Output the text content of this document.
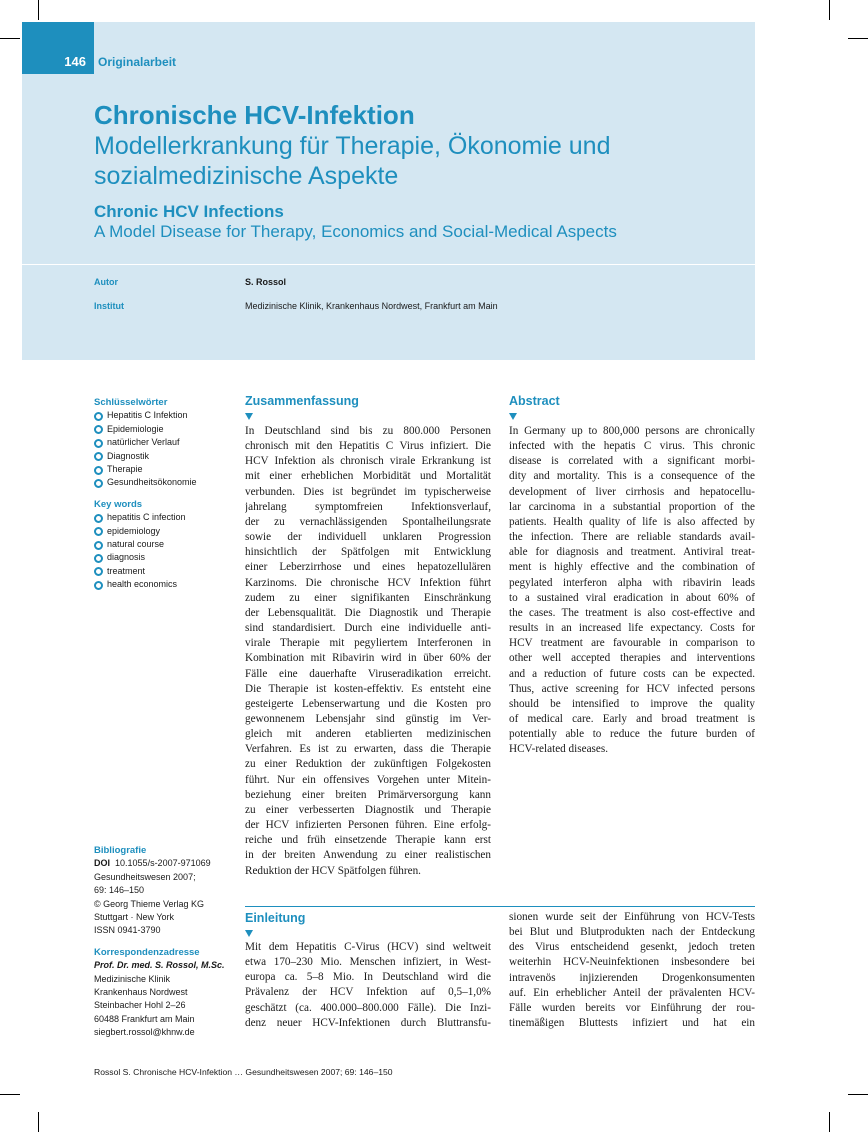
146 Originalarbeit
Chronische HCV-Infektion
Modellerkrankung für Therapie, Ökonomie und sozialmedizinische Aspekte
Chronic HCV Infections
A Model Disease for Therapy, Economics and Social-Medical Aspects
Autor	S. Rossol
Institut	Medizinische Klinik, Krankenhaus Nordwest, Frankfurt am Main
Schlüsselwörter
Hepatitis C Infektion
Epidemiologie
natürlicher Verlauf
Diagnostik
Therapie
Gesundheitsökonomie
Key words
hepatitis C infection
epidemiology
natural course
diagnosis
treatment
health economics
Bibliografie
DOI 10.1055/s-2007-971069
Gesundheitswesen 2007;
69: 146–150
© Georg Thieme Verlag KG
Stuttgart · New York
ISSN 0941-3790
Korrespondenzadresse
Prof. Dr. med. S. Rossol, M.Sc.
Medizinische Klinik
Krankenhaus Nordwest
Steinbacher Hohl 2–26
60488 Frankfurt am Main
siegbert.rossol@khnw.de
Zusammenfassung
In Deutschland sind bis zu 800.000 Personen
chronisch mit den Hepatitis C Virus infiziert. Die
HCV Infektion als chronisch virale Erkrankung ist
mit einer erheblichen Morbidität und Mortalität
verbunden. Dies ist begründet im typischerweise
jahrelang symptomfreien Infektionsverlauf,
der zu vernachlässigenden Spontalheilungsrate
sowie der individuell unklaren Progression
hinsichtlich der Spätfolgen mit Entwicklung
einer Leberzirrhose und eines hepatozellulären
Karzinoms. Die chronische HCV Infektion führt
zudem zu einer signifikanten Einschränkung
der Lebensqualität. Die Diagnostik und Therapie
sind standardisiert. Durch eine individuelle anti-
virale Therapie mit pegyliertem Interferonen in
Kombination mit Ribavirin wird in über 60% der
Fälle eine dauerhafte Viruseradikation erreicht.
Die Therapie ist kosten-effektiv. Es entsteht eine
gesteigerte Lebenserwartung und die Kosten pro
gewonnenem Lebensjahr sind günstig im Ver-
gleich mit anderen etablierten medizinischen
Verfahren. Es ist zu erwarten, dass die Therapie
zu einer Reduktion der zukünftigen Folgekosten
führt. Nur ein offensives Vorgehen unter Mitein-
beziehung einer breiten Primärversorgung kann
zu einer verbesserten Diagnostik und Therapie
der HCV infizierten Personen führen. Eine erfolg-
reiche und früh einsetzende Therapie kann erst
in der breiten Anwendung zu einer realistischen
Reduktion der HCV Spätfolgen führen.
Abstract
In Germany up to 800,000 persons are chronically
infected with the hepatis C virus. This chronic
disease is correlated with a significant morbi-
dity and mortality. This is a consequence of the
development of liver cirrhosis and hepatocellu-
lar carcinoma in a substantial proportion of the
patients. Health quality of life is also affected by
the infection. There are reliable standards avail-
able for diagnosis and treatment. Antiviral treat-
ment is highly effective and the combination of
pegylated interferon alpha with ribavirin leads
to a sustained viral eradication in about 60% of
the cases. The treatment is also cost-effective and
results in an increased life expectancy. Costs for
HCV treatment are favourable in comparison to
other well accepted therapies and interventions
and a reduction of future costs can be expected.
Thus, active screening for HCV infected persons
should be intensified to improve the quality
of medical care. Early and broad treatment is
potentially able to reduce the future burden of
HCV-related diseases.
Einleitung
Mit dem Hepatitis C-Virus (HCV) sind weltweit
etwa 170–230 Mio. Menschen infiziert, in West-
europa ca. 5–8 Mio. In Deutschland wird die
Prävalenz der HCV Infektion auf 0,5–1,0%
geschätzt (ca. 400.000–800.000 Fälle). Die Inzi-
denz neuer HCV-Infektionen durch Bluttransfu-
sionen wurde seit der Einführung von HCV-Tests
bei Blut und Blutprodukten nach der Entdeckung
des Virus entscheidend gesenkt, jedoch treten
weiterhin HCV-Neuinfektionen insbesondere bei
intravenös injizierenden Drogenkonsumenten
auf. Ein erheblicher Anteil der prävalenten HCV-
Fälle wurden bereits vor Einführung der rou-
tinemäßigen Bluttests infiziert und hat ein
Rossol S. Chronische HCV-Infektion … Gesundheitswesen 2007; 69: 146–150
